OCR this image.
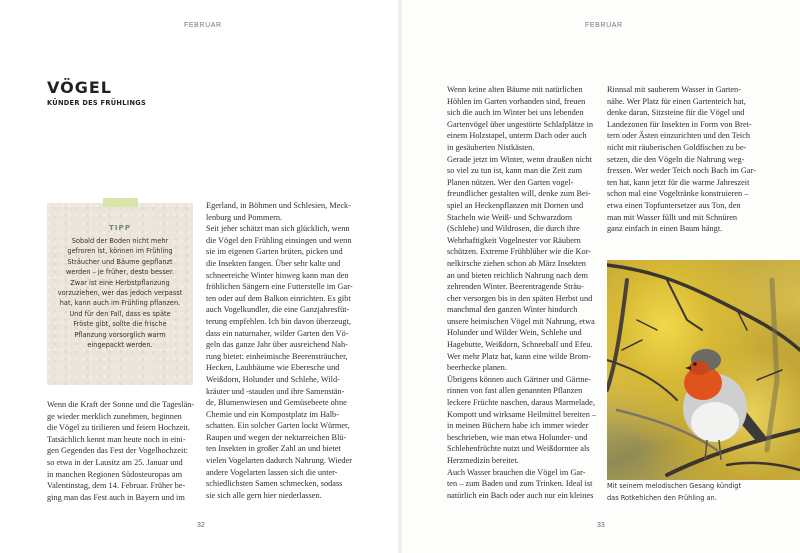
FEBRUAR
VÖGEL
KÜNDER DES FRÜHLINGS
TIPP
Sobald der Boden nicht mehr
gefroren ist, können im Frühling
Sträucher und Bäume gepflanzt
werden – je früher, desto besser.
Zwar ist eine Herbstpflanzung
vorzuziehen, wer das jedoch verpasst
hat, kann auch im Frühling pflanzen.
Und für den Fall, dass es späte
Fröste gibt, sollte die frische
Pflanzung vorsorglich warm
eingepackt werden.
Wenn die Kraft der Sonne und die Tageslän-
ge wieder merklich zunehmen, beginnen
die Vögel zu tirilieren und feiern Hochzeit.
Tatsächlich kennt man heute noch in eini-
gen Gegenden das Fest der Vogelhochzeit:
so etwa in der Lausitz am 25. Januar und
in manchen Regionen Südosteuropas am
Valentinstag, dem 14. Februar. Früher be-
ging man das Fest auch in Bayern und im
Egerland, in Böhmen und Schlesien, Meck-
lenburg und Pommern.
Seit jeher schätzt man sich glücklich, wenn
die Vögel den Frühling einsingen und wenn
sie im eigenen Garten brüten, picken und
die Insekten fangen. Über sehr kalte und
schneereiche Winter hinweg kann man den
fröhlichen Sängern eine Futterstelle im Gar-
ten oder auf dem Balkon einrichten. Es gibt
auch Vogelkundler, die eine Ganzjahresfüt-
terung empfehlen. Ich bin davon überzeugt,
dass ein naturnaher, wilder Garten den Vö-
geln das ganze Jahr über ausreichend Nah-
rung bietet: einheimische Beerensträucher,
Hecken, Laubbäume wie Eberesche und
Weißdorn, Holunder und Schlehe, Wild-
kräuter und -stauden und ihre Samenstän-
de, Blumenwiesen und Gemüsebeete ohne
Chemie und ein Kompostplatz im Halb-
schatten. Ein solcher Garten lockt Würmer,
Raupen und wegen der nektarreichen Blü-
ten Insekten in großer Zahl an und bietet
vielen Vogelarten dadurch Nahrung. Wieder
andere Vogelarten lassen sich die unter-
schiedlichsten Samen schmecken, sodass
sie sich alle gern hier niederlassen.
32
FEBRUAR
Wenn keine alten Bäume mit natürlichen
Höhlen im Garten vorhanden sind, freuen
sich die auch im Winter bei uns lebenden
Gartenvögel über ungestörte Schlafplätze in
einem Holzstapel, unterm Dach oder auch
in gesäuberten Nistkästen.
Gerade jetzt im Winter, wenn draußen nicht
so viel zu tun ist, kann man die Zeit zum
Planen nützen. Wer den Garten vogel-
freundlicher gestalten will, denke zum Bei-
spiel an Heckenpflanzen mit Dornen und
Stacheln wie Weiß- und Schwarzdorn
(Schlehe) und Wildrosen, die durch ihre
Wehrhaftigkeit Vogelnester vor Räubern
schützen. Extreme Frühblüher wie die Kor-
nelkirsche ziehen schon ab März Insekten
an und bieten reichlich Nahrung nach dem
zehrenden Winter. Beerentragende Sträu-
cher versorgen bis in den späten Herbst und
manchmal den ganzen Winter hindurch
unsere heimischen Vögel mit Nahrung, etwa
Holunder und Wilder Wein, Schlehe und
Hagebutte, Weißdorn, Schneeball und Efeu.
Wer mehr Platz hat, kann eine wilde Brom-
beerhecke planen.
Übrigens können auch Gärtner und Gärtne-
rinnen von fast allen genannten Pflanzen
leckere Früchte naschen, daraus Marmelade,
Kompott und wirksame Heilmittel bereiten –
in meinen Büchern habe ich immer wieder
beschrieben, wie man etwa Holunder- und
Schlehenfrüchte nutzt und Weißdorntee als
Herzmedizin bereitet.
Auch Wasser brauchen die Vögel im Gar-
ten – zum Baden und zum Trinken. Ideal ist
natürlich ein Bach oder auch nur ein kleines
Rinnsal mit sauberem Wasser in Garten-
nähe. Wer Platz für einen Gartenteich hat,
denke daran, Sitzsteine für die Vögel und
Landezonen für Insekten in Form von Bret-
tern oder Ästen einzurichten und den Teich
nicht mit räuberischen Goldfischen zu be-
setzen, die den Vögeln die Nahrung weg-
fressen. Wer weder Teich noch Bach im Gar-
ten hat, kann jetzt für die warme Jahreszeit
schon mal eine Vogeltränke konstruieren –
etwa einen Topfuntersetzer aus Ton, den
man mit Wasser füllt und mit Schnüren
ganz einfach in einen Baum hängt.
33
Mit seinem melodischen Gesang kündigt
das Rotkehlchen den Frühling an.
